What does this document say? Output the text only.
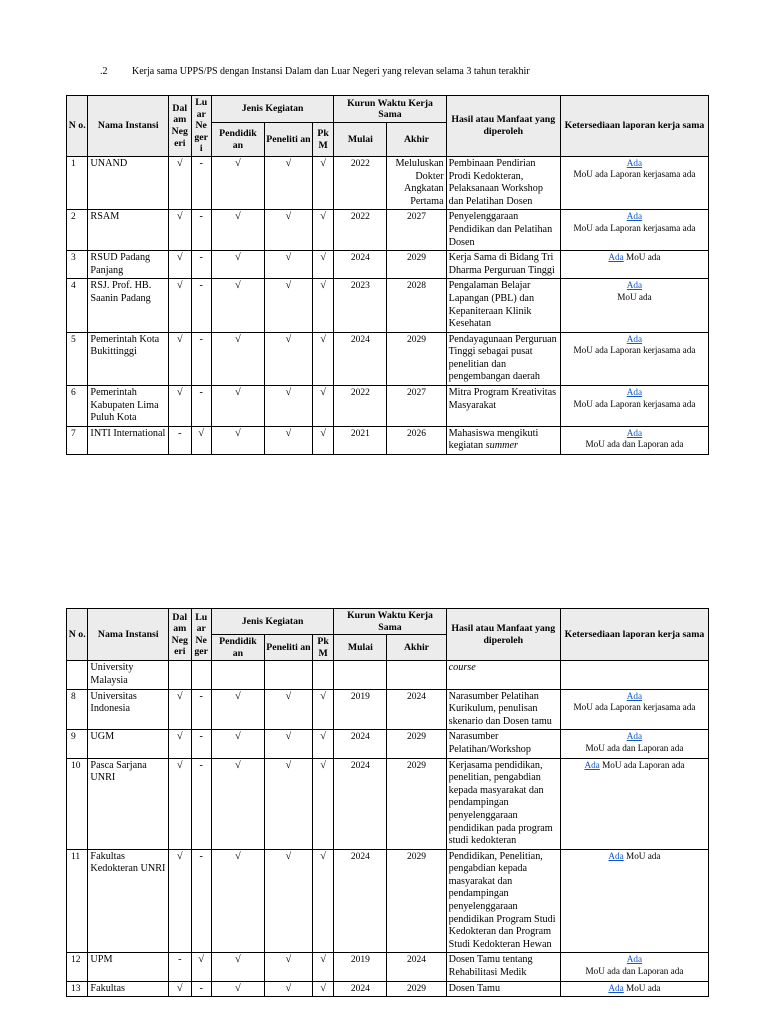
.2 Kerja sama UPPS/PS dengan Instansi Dalam dan Luar Negeri yang relevan selama 3 tahun terakhir
N o.	Nama Instansi	Dal am Neg eri	Lu ar Ne ger i	Jenis Kegiatan			Kurun Waktu Kerja Sama		Hasil atau Manfaat yang diperoleh	Ketersediaan laporan kerja sama
				Pendidik an	Peneliti an	Pk M	Mulai	Akhir		
1	UNAND	√	-	√	√	√	2022	Meluluskan Dokter Angkatan Pertama	Pembinaan Pendirian Prodi Kedokteran, Pelaksanaan Workshop dan Pelatihan Dosen	Ada
MoU ada Laporan kerjasama ada
2	RSAM	√	-	√	√	√	2022	2027	Penyelenggaraan Pendidikan dan Pelatihan Dosen	Ada
MoU ada Laporan kerjasama ada
3	RSUD Padang Panjang	√	-	√	√	√	2024	2029	Kerja Sama di Bidang Tri Dharma Perguruan Tinggi	Ada MoU ada
4	RSJ. Prof. HB. Saanin Padang	√	-	√	√	√	2023	2028	Pengalaman Belajar Lapangan (PBL) dan Kepaniteraan Klinik Kesehatan	Ada
MoU ada
5	Pemerintah Kota Bukittinggi	√	-	√	√	√	2024	2029	Pendayagunaan Perguruan Tinggi sebagai pusat penelitian dan pengembangan daerah	Ada
MoU ada Laporan kerjasama ada
6	Pemerintah Kabupaten Lima Puluh Kota	√	-	√	√	√	2022	2027	Mitra Program Kreativitas Masyarakat	Ada
MoU ada Laporan kerjasama ada
7	INTI International	-	√	√	√	√	2021	2026	Mahasiswa mengikuti kegiatan summer	Ada
MoU ada dan Laporan ada
N o.	Nama Instansi	Dal am Neg eri	Lu ar Ne ger	Jenis Kegiatan			Kurun Waktu Kerja Sama		Hasil atau Manfaat yang diperoleh	Ketersediaan laporan kerja sama
				Pendidik an	Peneliti an	Pk M	Mulai	Akhir		
	University Malaysia								course	
8	Universitas Indonesia	√	-	√	√	√	2019	2024	Narasumber Pelatihan Kurikulum, penulisan skenario dan Dosen tamu	Ada
MoU ada Laporan kerjasama ada
9	UGM	√	-	√	√	√	2024	2029	Narasumber Pelatihan/Workshop	Ada
MoU ada dan Laporan ada
10	Pasca Sarjana UNRI	√	-	√	√	√	2024	2029	Kerjasama pendidikan, penelitian, pengabdian kepada masyarakat dan pendampingan penyelenggaraan pendidikan pada program studi kedokteran	Ada MoU ada Laporan ada
11	Fakultas Kedokteran UNRI	√	-	√	√	√	2024	2029	Pendidikan, Penelitian, pengabdian kepada masyarakat dan pendampingan penyelenggaraan pendidikan Program Studi Kedokteran dan Program Studi Kedokteran Hewan	Ada MoU ada
12	UPM	-	√	√	√	√	2019	2024	Dosen Tamu tentang Rehabilitasi Medik	Ada
MoU ada dan Laporan ada
13	Fakultas	√	-	√	√	√	2024	2029	Dosen Tamu	Ada MoU ada
